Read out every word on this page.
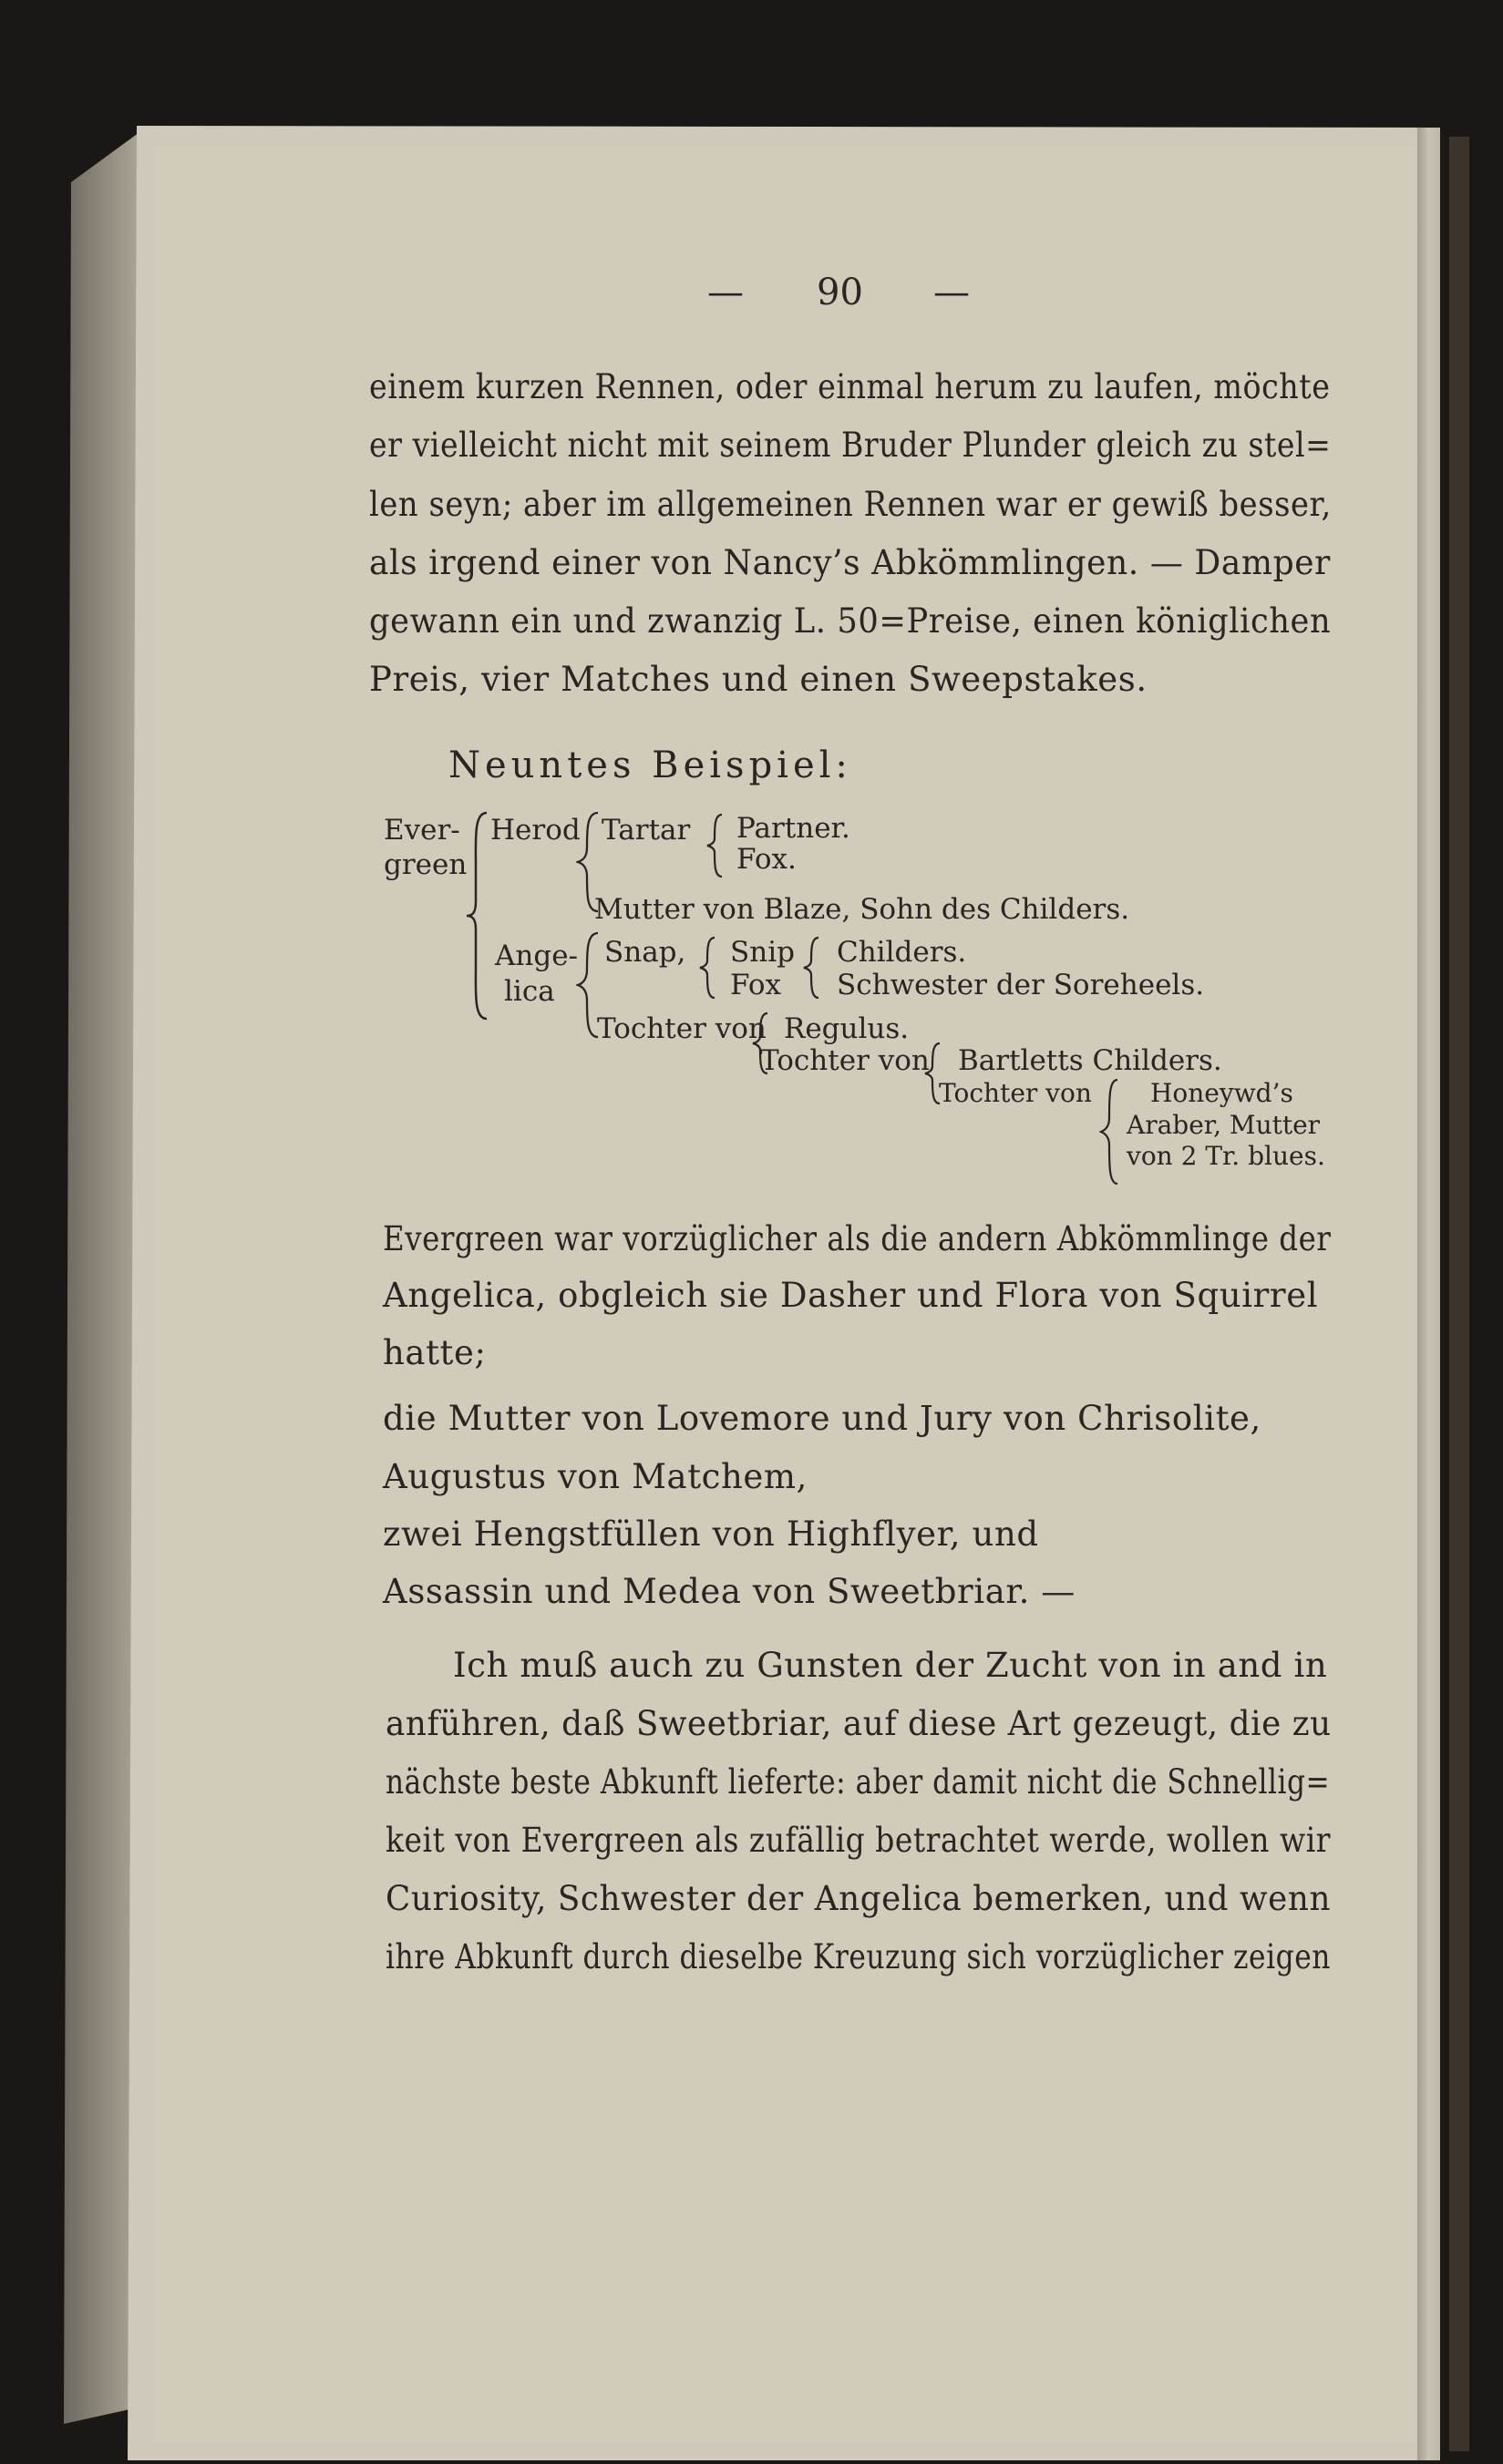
— 90 —
einem kurzen Rennen, oder einmal herum zu laufen, möchte
er vielleicht nicht mit seinem Bruder Plunder gleich zu stel=
len seyn; aber im allgemeinen Rennen war er gewiß besser,
als irgend einer von Nancy’s Abkömmlingen. — Damper
gewann ein und zwanzig L. 50=Preise, einen königlichen
Preis, vier Matches und einen Sweepstakes.
Neuntes Beispiel:
Ever-
green
Herod
Ange-
lica
Tartar Partner.
Fox.
Mutter von Blaze, Sohn des Childers.
Snap, Snip
Fox
Childers.
Schwester der Soreheels.
Tochter von Regulus.
Tochter von Bartletts Childers.
Tochter von Honeywd’s
Araber, Mutter
von 2 Tr. blues.
Evergreen war vorzüglicher als die andern Abkömmlinge der
Angelica, obgleich sie Dasher und Flora von Squirrel
hatte;
die Mutter von Lovemore und Jury von Chrisolite,
Augustus von Matchem,
zwei Hengstfüllen von Highflyer, und
Assassin und Medea von Sweetbriar. —
Ich muß auch zu Gunsten der Zucht von in and in
anführen, daß Sweetbriar, auf diese Art gezeugt, die zu
nächste beste Abkunft lieferte: aber damit nicht die Schnellig=
keit von Evergreen als zufällig betrachtet werde, wollen wir
Curiosity, Schwester der Angelica bemerken, und wenn
ihre Abkunft durch dieselbe Kreuzung sich vorzüglicher zeigen
